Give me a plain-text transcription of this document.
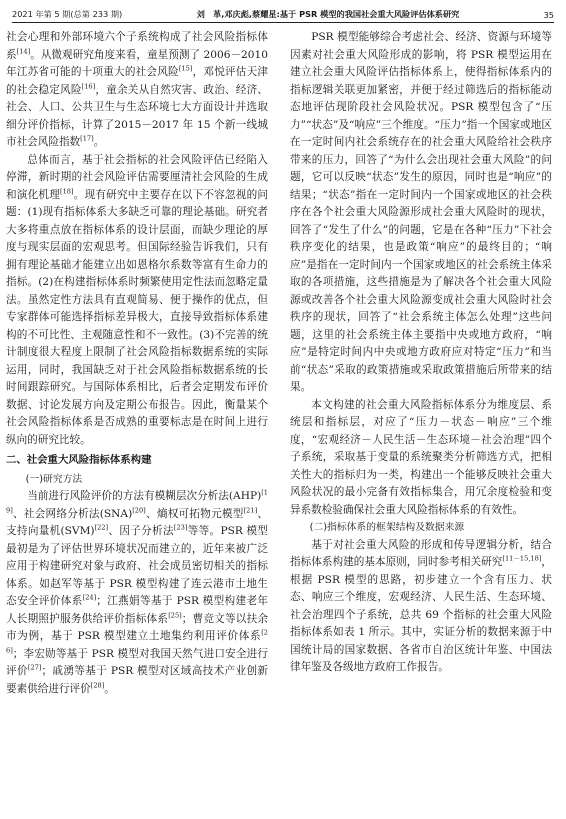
2021 年第 5 期(总第 233 期)	刘　革,邓庆彪,蔡耀星:基于 PSR 模型的我国社会重大风险评估体系研究	35

社会心理和外部环境六个子系统构成了社会风险指标体系[14]。从微观研究角度来看，童星预测了 2006－2010 年江苏省可能的十项重大的社会风险[15]，邓悦评估天津的社会稳定风险[16]，童余关从自然灾害、政治、经济、社会、人口、公共卫生与生态环境七大方面设计并选取细分评价指标，计算了2015－2017 年 15 个新一线城市社会风险指数[17]。

总体而言，基于社会指标的社会风险评估已经陷入停滞，新时期的社会风险评估需要厘清社会风险的生成和演化机理[18]。现有研究中主要存在以下不容忽视的问题：(1)现有指标体系大多缺乏可靠的理论基础。研究者大多将重点放在指标体系的设计层面，而缺少理论的厚度与现实层面的宏观思考。但国际经验告诉我们，只有拥有理论基础才能建立出如恩格尔系数等富有生命力的指标。(2)在构建指标体系时频繁使用定性法而忽略定量法。虽然定性方法具有直观简易、便于操作的优点，但专家群体可能选择指标差异极大，直接导致指标体系建构的不可比性、主观随意性和不一致性。(3)不完善的统计制度很大程度上限制了社会风险指标数据系统的实际运用，同时，我国缺乏对于社会风险指标数据系统的长时间跟踪研究。与国际体系相比，后者会定期发布评价数据、讨论发展方向及定期公布报告。因此，衡量某个社会风险指标体系是否成熟的重要标志是在时间上进行纵向的研究比较。

二、社会重大风险指标体系构建
(一)研究方法

当前进行风险评价的方法有模糊层次分析法(AHP)[19]、社会网络分析法(SNA)[20]、熵权可拓物元模型[21]、支持向量机(SVM)[22]、因子分析法[23]等等。PSR 模型最初是为了评估世界环境状况而建立的，近年来被广泛应用于构建研究对象与政府、社会成员密切相关的指标体系。如赵军等基于 PSR 模型构建了连云港市土地生态安全评价体系[24]；江燕娟等基于 PSR 模型构建老年人长期照护服务供给评价指标体系[25]；曹竞文等以扶余市为例，基于 PSR 模型建立土地集约利用评价体系[26]；李宏勋等基于 PSR 模型对我国天然气进口安全进行评价[27]；戚湧等基于 PSR 模型对区域高技术产业创新要素供给进行评价[28]。

PSR 模型能够综合考虑社会、经济、资源与环境等因素对社会重大风险形成的影响，将 PSR 模型运用在建立社会重大风险评估指标体系上，使得指标体系内的指标逻辑关联更加紧密，并便于经过筛选后的指标能动态地评估现阶段社会风险状况。PSR 模型包含了“压力”“状态”及“响应”三个维度。“压力”指一个国家或地区在一定时间内社会系统存在的社会重大风险给社会秩序带来的压力，回答了“为什么会出现社会重大风险”的问题，它可以反映“状态”发生的原因，同时也是“响应”的结果；“状态”指在一定时间内一个国家或地区的社会秩序在各个社会重大风险源形成社会重大风险时的现状，回答了“发生了什么”的问题，它是在各种“压力”下社会秩序变化的结果，也是政策“响应”的最终目的；“响应”是指在一定时间内一个国家或地区的社会系统主体采取的各项措施，这些措施是为了解决各个社会重大风险源或改善各个社会重大风险源变成社会重大风险时社会秩序的现状，回答了“社会系统主体怎么处理”这些问题，这里的社会系统主体主要指中央或地方政府，“响应”是特定时间内中央或地方政府应对特定“压力”和当前“状态”采取的政策措施或采取政策措施后所带来的结果。

本文构建的社会重大风险指标体系分为维度层、系统层和指标层，对应了“压力－状态－响应”三个维度，“宏观经济－人民生活－生态环境－社会治理”四个子系统，采取基于变量的系统聚类分析筛选方式，把相关性大的指标归为一类，构建出一个能够反映社会重大风险状况的最小完备有效指标集合，用冗余度检验和变异系数检验确保社会重大风险指标体系的有效性。

(二)指标体系的框架结构及数据来源

基于对社会重大风险的形成和传导逻辑分析，结合指标体系构建的基本原则，同时参考相关研究[11－15,18]，根据 PSR 模型的思路，初步建立一个含有压力、状态、响应三个维度，宏观经济、人民生活、生态环境、社会治理四个子系统，总共 69 个指标的社会重大风险指标体系如表 1 所示。其中，实证分析的数据来源于中国统计局的国家数据、各省市自治区统计年鉴、中国法律年鉴及各级地方政府工作报告。
